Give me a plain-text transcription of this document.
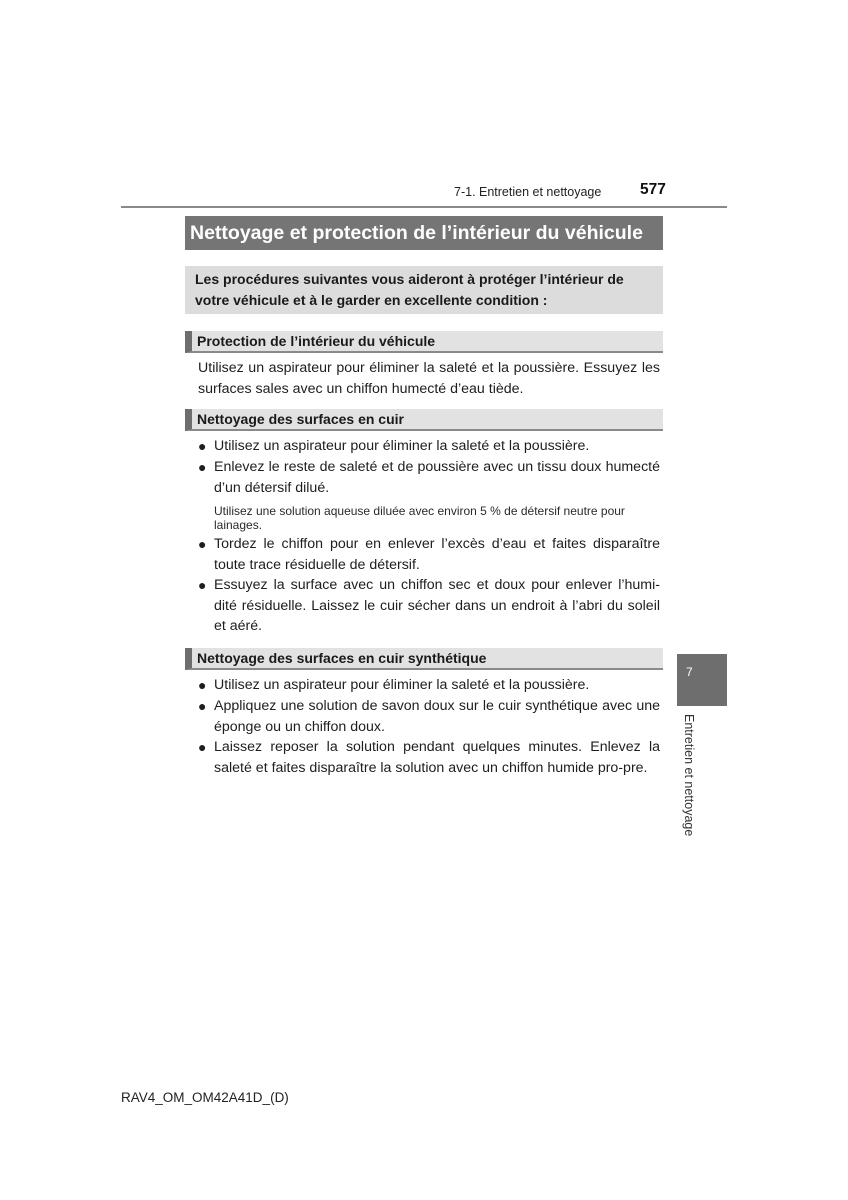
7-1. Entretien et nettoyage 577
Nettoyage et protection de l’intérieur du véhicule
Les procédures suivantes vous aideront à protéger l’intérieur de
votre véhicule et à le garder en excellente condition :
Protection de l’intérieur du véhicule
Utilisez un aspirateur pour éliminer la saleté et la poussière. Essuyez les surfaces sales avec un chiffon humecté d’eau tiède.
Nettoyage des surfaces en cuir
● Utilisez un aspirateur pour éliminer la saleté et la poussière.
● Enlevez le reste de saleté et de poussière avec un tissu doux humecté d’un détersif dilué.
Utilisez une solution aqueuse diluée avec environ 5 % de détersif neutre pour lainages.
● Tordez le chiffon pour en enlever l’excès d’eau et faites disparaître toute trace résiduelle de détersif.
● Essuyez la surface avec un chiffon sec et doux pour enlever l’humi-dité résiduelle. Laissez le cuir sécher dans un endroit à l’abri du soleil et aéré.
Nettoyage des surfaces en cuir synthétique
● Utilisez un aspirateur pour éliminer la saleté et la poussière.
● Appliquez une solution de savon doux sur le cuir synthétique avec une éponge ou un chiffon doux.
● Laissez reposer la solution pendant quelques minutes. Enlevez la saleté et faites disparaître la solution avec un chiffon humide pro-pre.
7
Entretien et nettoyage
RAV4_OM_OM42A41D_(D)
